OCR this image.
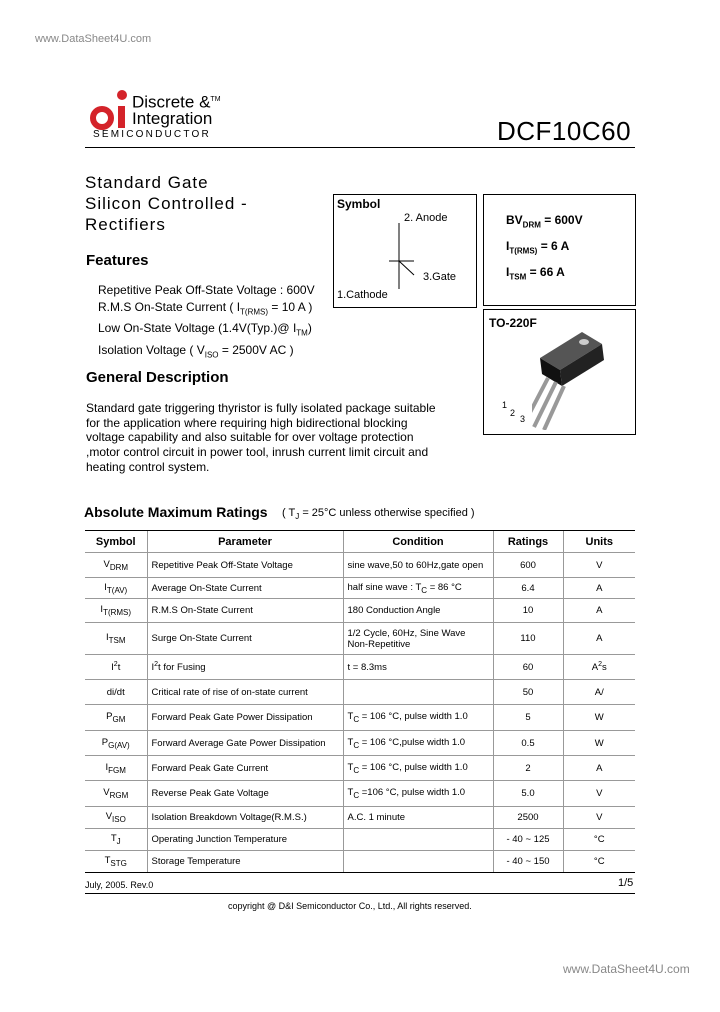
www.DataSheet4U.com
Discrete &™
Integration
SEMICONDUCTOR	DCF10C60
Standard Gate
Silicon Controlled -
Rectifiers
Features
Repetitive Peak Off-State Voltage : 600V
R.M.S On-State Current ( $I_{T(RMS)} = 10$ A )
Low On-State Voltage (1.4V(Typ.)@ $I_{TM}$)
Isolation Voltage ( $V_{ISO} = 2500V$ AC )
Symbol
2. Anode
3.Gate
1.Cathode
$BV_{DRM} = 600V$
$I_{T(RMS)} = 6$ A
$I_{TSM} = 66$ A
TO-220F
1
2
3
General Description
Standard gate triggering thyristor is fully isolated package suitable for the application where requiring high bidirectional blocking voltage capability and also suitable for over voltage protection ,motor control circuit in power tool, inrush current limit circuit and heating control system.
Absolute Maximum Ratings ( $T_J = 25^\circ C$ unless otherwise specified )
Symbol	Parameter	Condition	Ratings	Units
$V_{DRM}$	Repetitive Peak Off-State Voltage	sine wave,50 to 60Hz,gate open	600	V
$I_{T(AV)}$	Average On-State Current	half sine wave : $T_C = 86$ °C	6.4	A
$I_{T(RMS)}$	R.M.S On-State Current	180 Conduction Angle	10	A
$I_{TSM}$	Surge On-State Current	1/2 Cycle, 60Hz, Sine Wave
Non-Repetitive	110	A
$I^2t$	$I^2t$ for Fusing	t = 8.3ms	60	$A^2s$
di/dt	Critical rate of rise of on-state current		50	A/
$P_{GM}$	Forward Peak Gate Power Dissipation	$T_C = 106$ °C, pulse width 1.0	5	W
$P_{G(AV)}$	Forward Average Gate Power Dissipation	$T_C = 106$ °C,pulse width 1.0	0.5	W
$I_{FGM}$	Forward Peak Gate Current	$T_C = 106$ °C, pulse width 1.0	2	A
$V_{RGM}$	Reverse Peak Gate Voltage	$T_C =106$ °C, pulse width 1.0	5.0	V
$V_{ISO}$	Isolation Breakdown Voltage(R.M.S.)	A.C. 1 minute	2500	V
$T_J$	Operating Junction Temperature		- 40 ~ 125	°C
$T_{STG}$	Storage Temperature		- 40 ~ 150	°C
July, 2005. Rev.0	1/5
copyright @ D&I Semiconductor Co., Ltd., All rights reserved.
www.DataSheet4U.com
